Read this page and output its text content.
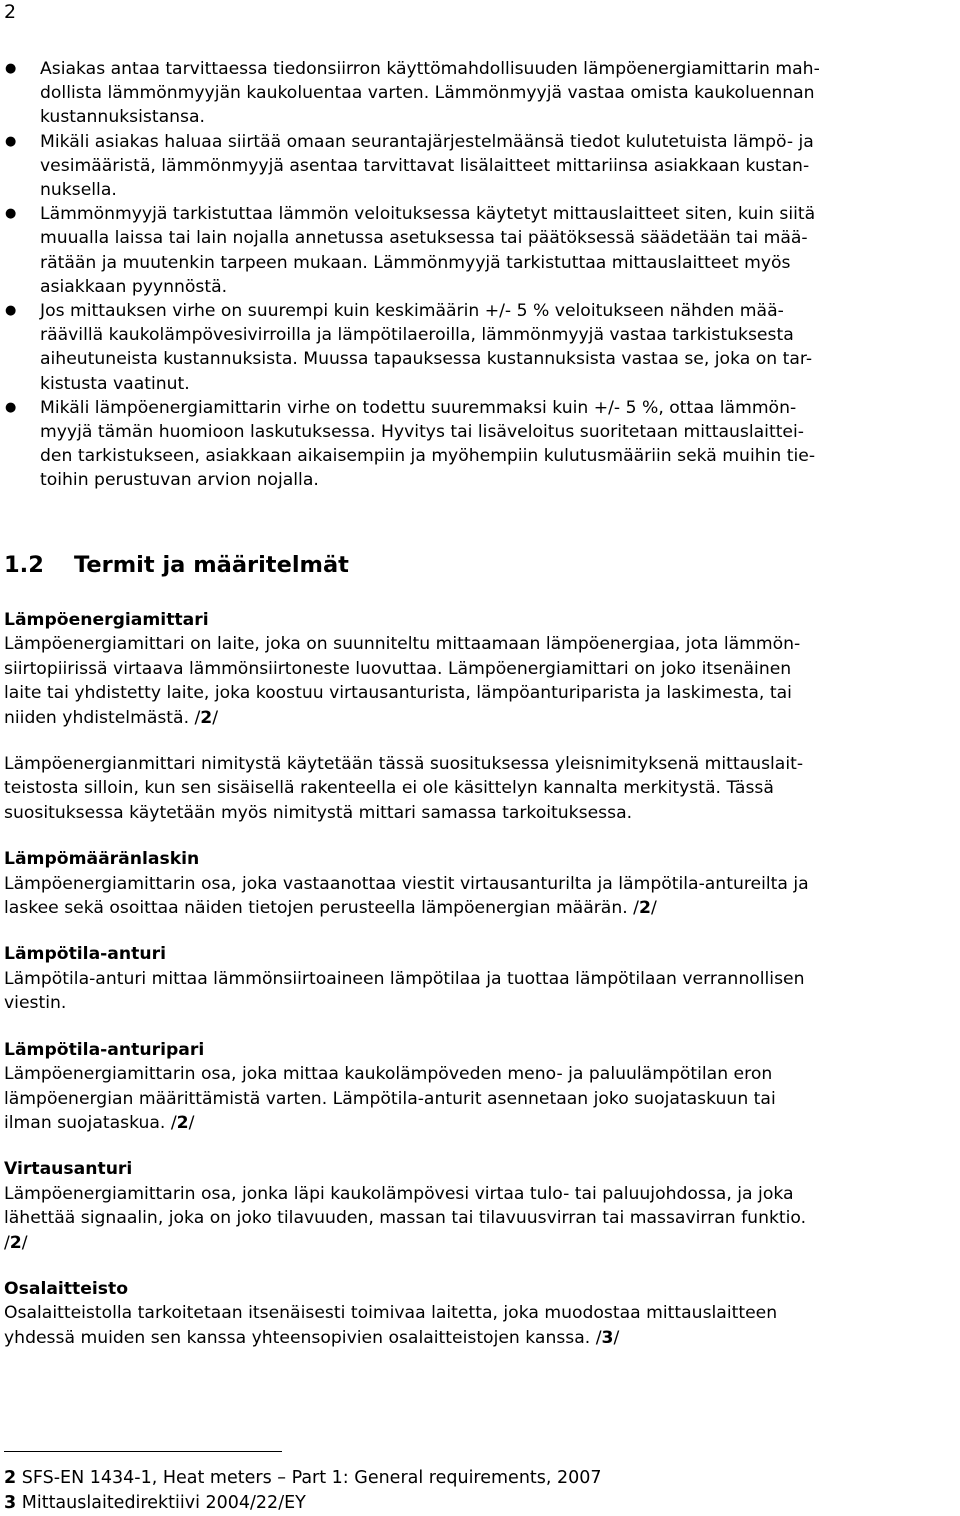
2
● Asiakas antaa tarvittaessa tiedonsiirron käyttömahdollisuuden lämpöenergiamittarin mah-
dollista lämmönmyyjän kaukoluentaa varten. Lämmönmyyjä vastaa omista kaukoluennan
kustannuksistansa.
● Mikäli asiakas haluaa siirtää omaan seurantajärjestelmäänsä tiedot kulutetuista lämpö- ja
vesimääristä, lämmönmyyjä asentaa tarvittavat lisälaitteet mittariinsa asiakkaan kustan-
nuksella.
● Lämmönmyyjä tarkistuttaa lämmön veloituksessa käytetyt mittauslaitteet siten, kuin siitä
muualla laissa tai lain nojalla annetussa asetuksessa tai päätöksessä säädetään tai mää-
rätään ja muutenkin tarpeen mukaan. Lämmönmyyjä tarkistuttaa mittauslaitteet myös
asiakkaan pyynnöstä.
● Jos mittauksen virhe on suurempi kuin keskimäärin +/- 5 % veloitukseen nähden mää-
räävillä kaukolämpövesivirroilla ja lämpötilaeroilla, lämmönmyyjä vastaa tarkistuksesta
aiheutuneista kustannuksista. Muussa tapauksessa kustannuksista vastaa se, joka on tar-
kistusta vaatinut.
● Mikäli lämpöenergiamittarin virhe on todettu suuremmaksi kuin +/- 5 %, ottaa lämmön-
myyjä tämän huomioon laskutuksessa. Hyvitys tai lisäveloitus suoritetaan mittauslaittei-
den tarkistukseen, asiakkaan aikaisempiin ja myöhempiin kulutusmääriin sekä muihin tie-
toihin perustuvan arvion nojalla.
1.2 Termit ja määritelmät
Lämpöenergiamittari
Lämpöenergiamittari on laite, joka on suunniteltu mittaamaan lämpöenergiaa, jota lämmön-
siirtopiirissä virtaava lämmönsiirtoneste luovuttaa. Lämpöenergiamittari on joko itsenäinen
laite tai yhdistetty laite, joka koostuu virtausanturista, lämpöanturiparista ja laskimesta, tai
niiden yhdistelmästä. /2/
Lämpöenergianmittari nimitystä käytetään tässä suosituksessa yleisnimityksenä mittauslait-
teistosta silloin, kun sen sisäisellä rakenteella ei ole käsittelyn kannalta merkitystä. Tässä
suosituksessa käytetään myös nimitystä mittari samassa tarkoituksessa.
Lämpömääränlaskin
Lämpöenergiamittarin osa, joka vastaanottaa viestit virtausanturilta ja lämpötila-antureilta ja
laskee sekä osoittaa näiden tietojen perusteella lämpöenergian määrän. /2/
Lämpötila-anturi
Lämpötila-anturi mittaa lämmönsiirtoaineen lämpötilaa ja tuottaa lämpötilaan verrannollisen
viestin.
Lämpötila-anturipari
Lämpöenergiamittarin osa, joka mittaa kaukolämpöveden meno- ja paluulämpötilan eron
lämpöenergian määrittämistä varten. Lämpötila-anturit asennetaan joko suojataskuun tai
ilman suojataskua. /2/
Virtausanturi
Lämpöenergiamittarin osa, jonka läpi kaukolämpövesi virtaa tulo- tai paluujohdossa, ja joka
lähettää signaalin, joka on joko tilavuuden, massan tai tilavuusvirran tai massavirran funktio.
/2/
Osalaitteisto
Osalaitteistolla tarkoitetaan itsenäisesti toimivaa laitetta, joka muodostaa mittauslaitteen
yhdessä muiden sen kanssa yhteensopivien osalaitteistojen kanssa. /3/
2 SFS-EN 1434-1, Heat meters – Part 1: General requirements, 2007
3 Mittauslaitedirektiivi 2004/22/EY
